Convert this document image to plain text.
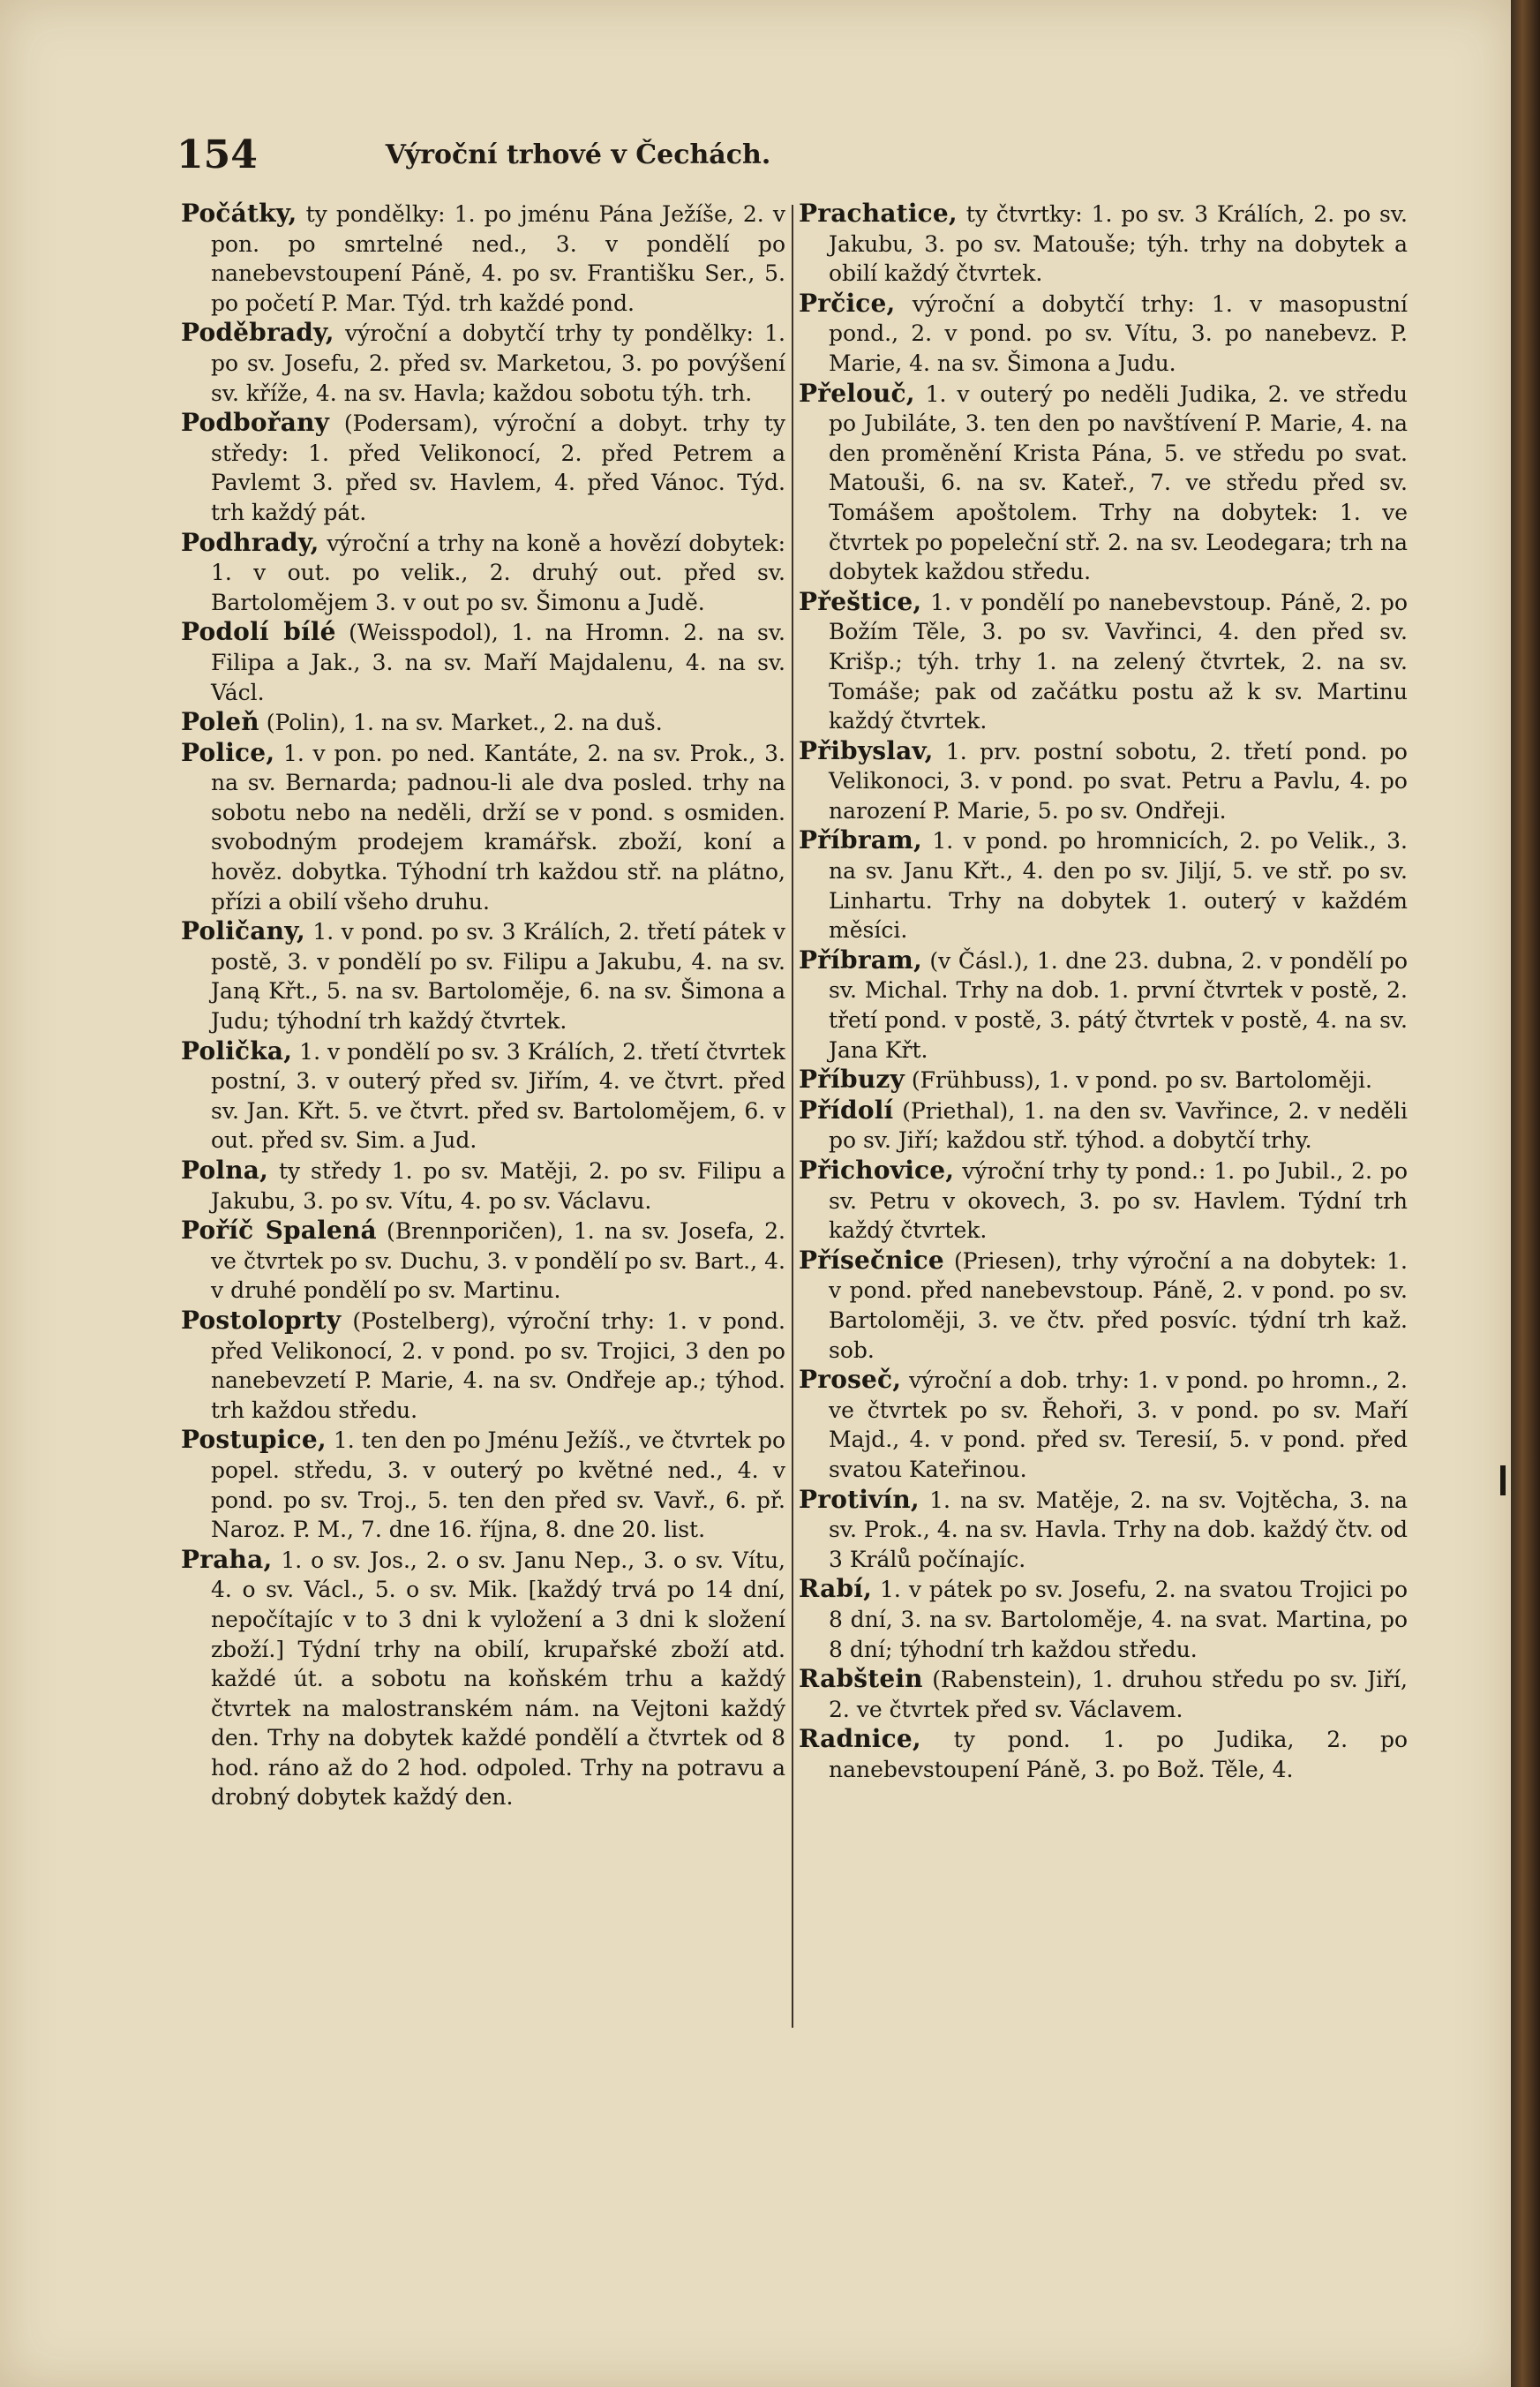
154	Výroční trhové v Čechách.

Počátky, ty pondělky: 1. po jménu Pána Ježíše, 2. v pon. po smrtelné ned., 3. v pondělí po nanebevstoupení Páně, 4. po sv. Františku Ser., 5. po početí P. Mar. Týd. trh každé pond.

Poděbrady, výroční a dobytčí trhy ty pondělky: 1. po sv. Josefu, 2. před sv. Marketou, 3. po povýšení sv. kříže, 4. na sv. Havla; každou sobotu týh. trh.

Podbořany (Podersam), výroční a dobyt. trhy ty středy: 1. před Velikonocí, 2. před Petrem a Pavlemt 3. před sv. Havlem, 4. před Vánoc. Týd. trh každý pát.

Podhrady, výroční a trhy na koně a hovězí dobytek: 1. v out. po velik., 2. druhý out. před sv. Bartolomějem 3. v out po sv. Šimonu a Judě.

Podolí bílé (Weisspodol), 1. na Hromn. 2. na sv. Filipa a Jak., 3. na sv. Maří Majdalenu, 4. na sv. Václ.

Poleň (Polin), 1. na sv. Market., 2. na duš.

Police, 1. v pon. po ned. Kantáte, 2. na sv. Prok., 3. na sv. Bernarda; padnou-li ale dva posled. trhy na sobotu nebo na neděli, drží se v pond. s osmiden. svobodným prodejem kramářsk. zboží, koní a hověz. dobytka. Týhodní trh každou stř. na plátno, přízi a obilí všeho druhu.

Poličany, 1. v pond. po sv. 3 Králích, 2. třetí pátek v postě, 3. v pondělí po sv. Filipu a Jakubu, 4. na sv. Janą Křt., 5. na sv. Bartoloměje, 6. na sv. Šimona a Judu; týhodní trh každý čtvrtek.

Polička, 1. v pondělí po sv. 3 Králích, 2. třetí čtvrtek postní, 3. v outerý před sv. Jiřím, 4. ve čtvrt. před sv. Jan. Křt. 5. ve čtvrt. před sv. Bartolomějem, 6. v out. před sv. Sim. a Jud.

Polna, ty středy 1. po sv. Matěji, 2. po sv. Filipu a Jakubu, 3. po sv. Vítu, 4. po sv. Václavu.

Poříč Spalená (Brennporičen), 1. na sv. Josefa, 2. ve čtvrtek po sv. Duchu, 3. v pondělí po sv. Bart., 4. v druhé pondělí po sv. Martinu.

Postoloprty (Postelberg), výroční trhy: 1. v pond. před Velikonocí, 2. v pond. po sv. Trojici, 3 den po nanebevzetí P. Marie, 4. na sv. Ondřeje ap.; týhod. trh každou středu.

Postupice, 1. ten den po Jménu Ježíš., ve čtvrtek po popel. středu, 3. v outerý po květné ned., 4. v pond. po sv. Troj., 5. ten den před sv. Vavř., 6. př. Naroz. P. M., 7. dne 16. října, 8. dne 20. list.

Praha, 1. o sv. Jos., 2. o sv. Janu Nep., 3. o sv. Vítu, 4. o sv. Václ., 5. o sv. Mik. [každý trvá po 14 dní, nepočítajíc v to 3 dni k vyložení a 3 dni k složení zboží.] Týdní trhy na obilí, krupařské zboží atd. každé út. a sobotu na koňském trhu a každý čtvrtek na malostranském nám. na Vejtoni každý den. Trhy na dobytek každé pondělí a čtvrtek od 8 hod. ráno až do 2 hod. odpoled. Trhy na potravu a drobný dobytek každý den.

Prachatice, ty čtvrtky: 1. po sv. 3 Králích, 2. po sv. Jakubu, 3. po sv. Matouše; týh. trhy na dobytek a obilí každý čtvrtek.

Prčice, výroční a dobytčí trhy: 1. v masopustní pond., 2. v pond. po sv. Vítu, 3. po nanebevz. P. Marie, 4. na sv. Šimona a Judu.

Přelouč, 1. v outerý po neděli Judika, 2. ve středu po Jubiláte, 3. ten den po navštívení P. Marie, 4. na den proměnění Krista Pána, 5. ve středu po svat. Matouši, 6. na sv. Kateř., 7. ve středu před sv. Tomášem apoštolem. Trhy na dobytek: 1. ve čtvrtek po popeleční stř. 2. na sv. Leodegara; trh na dobytek každou středu.

Přeštice, 1. v pondělí po nanebevstoup. Páně, 2. po Božím Těle, 3. po sv. Vavřinci, 4. den před sv. Krišp.; týh. trhy 1. na zelený čtvrtek, 2. na sv. Tomáše; pak od začátku postu až k sv. Martinu každý čtvrtek.

Přibyslav, 1. prv. postní sobotu, 2. třetí pond. po Velikonoci, 3. v pond. po svat. Petru a Pavlu, 4. po narození P. Marie, 5. po sv. Ondřeji.

Příbram, 1. v pond. po hromnicích, 2. po Velik., 3. na sv. Janu Křt., 4. den po sv. Jiljí, 5. ve stř. po sv. Linhartu. Trhy na dobytek 1. outerý v každém měsíci.

Příbram, (v Čásl.), 1. dne 23. dubna, 2. v pondělí po sv. Michal. Trhy na dob. 1. první čtvrtek v postě, 2. třetí pond. v postě, 3. pátý čtvrtek v postě, 4. na sv. Jana Křt.

Příbuzy (Frühbuss), 1. v pond. po sv. Bartoloměji.

Přídolí (Priethal), 1. na den sv. Vavřince, 2. v neděli po sv. Jiří; každou stř. týhod. a dobytčí trhy.

Přichovice, výroční trhy ty pond.: 1. po Jubil., 2. po sv. Petru v okovech, 3. po sv. Havlem. Týdní trh každý čtvrtek.

Přísečnice (Priesen), trhy výroční a na dobytek: 1. v pond. před nanebevstoup. Páně, 2. v pond. po sv. Bartoloměji, 3. ve čtv. před posvíc. týdní trh kaž. sob.

Proseč, výroční a dob. trhy: 1. v pond. po hromn., 2. ve čtvrtek po sv. Řehoři, 3. v pond. po sv. Maří Majd., 4. v pond. před sv. Teresií, 5. v pond. před svatou Kateřinou.

Protivín, 1. na sv. Matěje, 2. na sv. Vojtěcha, 3. na sv. Prok., 4. na sv. Havla. Trhy na dob. každý čtv. od 3 Králů počínajíc.

Rabí, 1. v pátek po sv. Josefu, 2. na svatou Trojici po 8 dní, 3. na sv. Bartoloměje, 4. na svat. Martina, po 8 dní; týhodní trh každou středu.

Rabštein (Rabenstein), 1. druhou středu po sv. Jiří, 2. ve čtvrtek před sv. Václavem.

Radnice, ty pond. 1. po Judika, 2. po nanebevstoupení Páně, 3. po Bož. Těle, 4.
